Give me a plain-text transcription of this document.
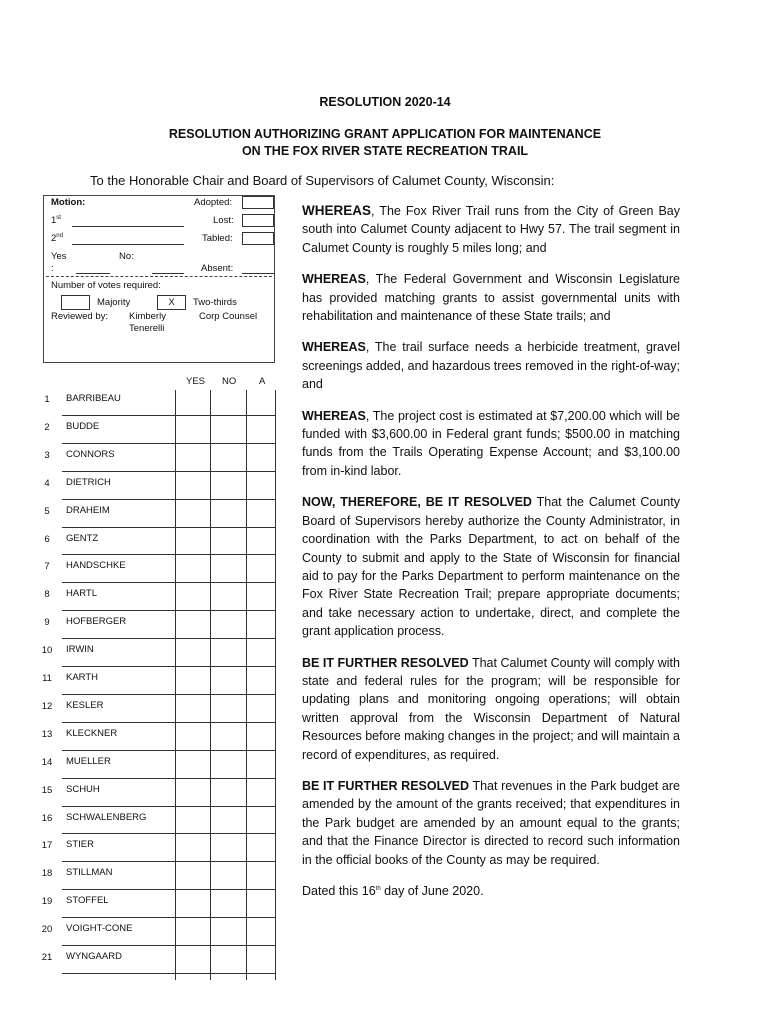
RESOLUTION 2020-14
RESOLUTION AUTHORIZING GRANT APPLICATION FOR MAINTENANCE
ON THE FOX RIVER STATE RECREATION TRAIL
To the Honorable Chair and Board of Supervisors of Calumet County, Wisconsin:
Motion:	Adopted:
1st	Lost:
2nd	Tabled:
Yes	No:
:	Absent:
Number of votes required:
Majority	X	Two-thirds
Reviewed by: Kimberly	Corp Counsel
Tenerelli
YES NO A
1	BARRIBEAU
2	BUDDE
3	CONNORS
4	DIETRICH
5	DRAHEIM
6	GENTZ
7	HANDSCHKE
8	HARTL
9	HOFBERGER
10 IRWIN
11 KARTH
12 KESLER
13 KLECKNER
14 MUELLER
15 SCHUH
16 SCHWALENBERG
17 STIER
18 STILLMAN
19 STOFFEL
20 VOIGHT-CONE
21 WYNGAARD

WHEREAS, The Fox River Trail runs from the City of Green Bay south into Calumet County adjacent to Hwy 57. The trail segment in Calumet County is roughly 5 miles long; and

WHEREAS, The Federal Government and Wisconsin Legislature has provided matching grants to assist governmental units with rehabilitation and maintenance of these State trails; and

WHEREAS, The trail surface needs a herbicide treatment, gravel screenings added, and hazardous trees removed in the right-of-way; and

WHEREAS, The project cost is estimated at $7,200.00 which will be funded with $3,600.00 in Federal grant funds; $500.00 in matching funds from the Trails Operating Expense Account; and $3,100.00 from in-kind labor.

NOW, THEREFORE, BE IT RESOLVED That the Calumet County Board of Supervisors hereby authorize the County Administrator, in coordination with the Parks Department, to act on behalf of the County to submit and apply to the State of Wisconsin for financial aid to pay for the Parks Department to perform maintenance on the Fox River State Recreation Trail; prepare appropriate documents; and take necessary action to undertake, direct, and complete the grant application process.

BE IT FURTHER RESOLVED That Calumet County will comply with state and federal rules for the program; will be responsible for updating plans and monitoring ongoing operations; will obtain written approval from the Wisconsin Department of Natural Resources before making changes in the project; and will maintain a record of expenditures, as required.

BE IT FURTHER RESOLVED That revenues in the Park budget are amended by the amount of the grants received; that expenditures in the Park budget are amended by an amount equal to the grants; and that the Finance Director is directed to record such information in the official books of the County as may be required.

Dated this 16th day of June 2020.
